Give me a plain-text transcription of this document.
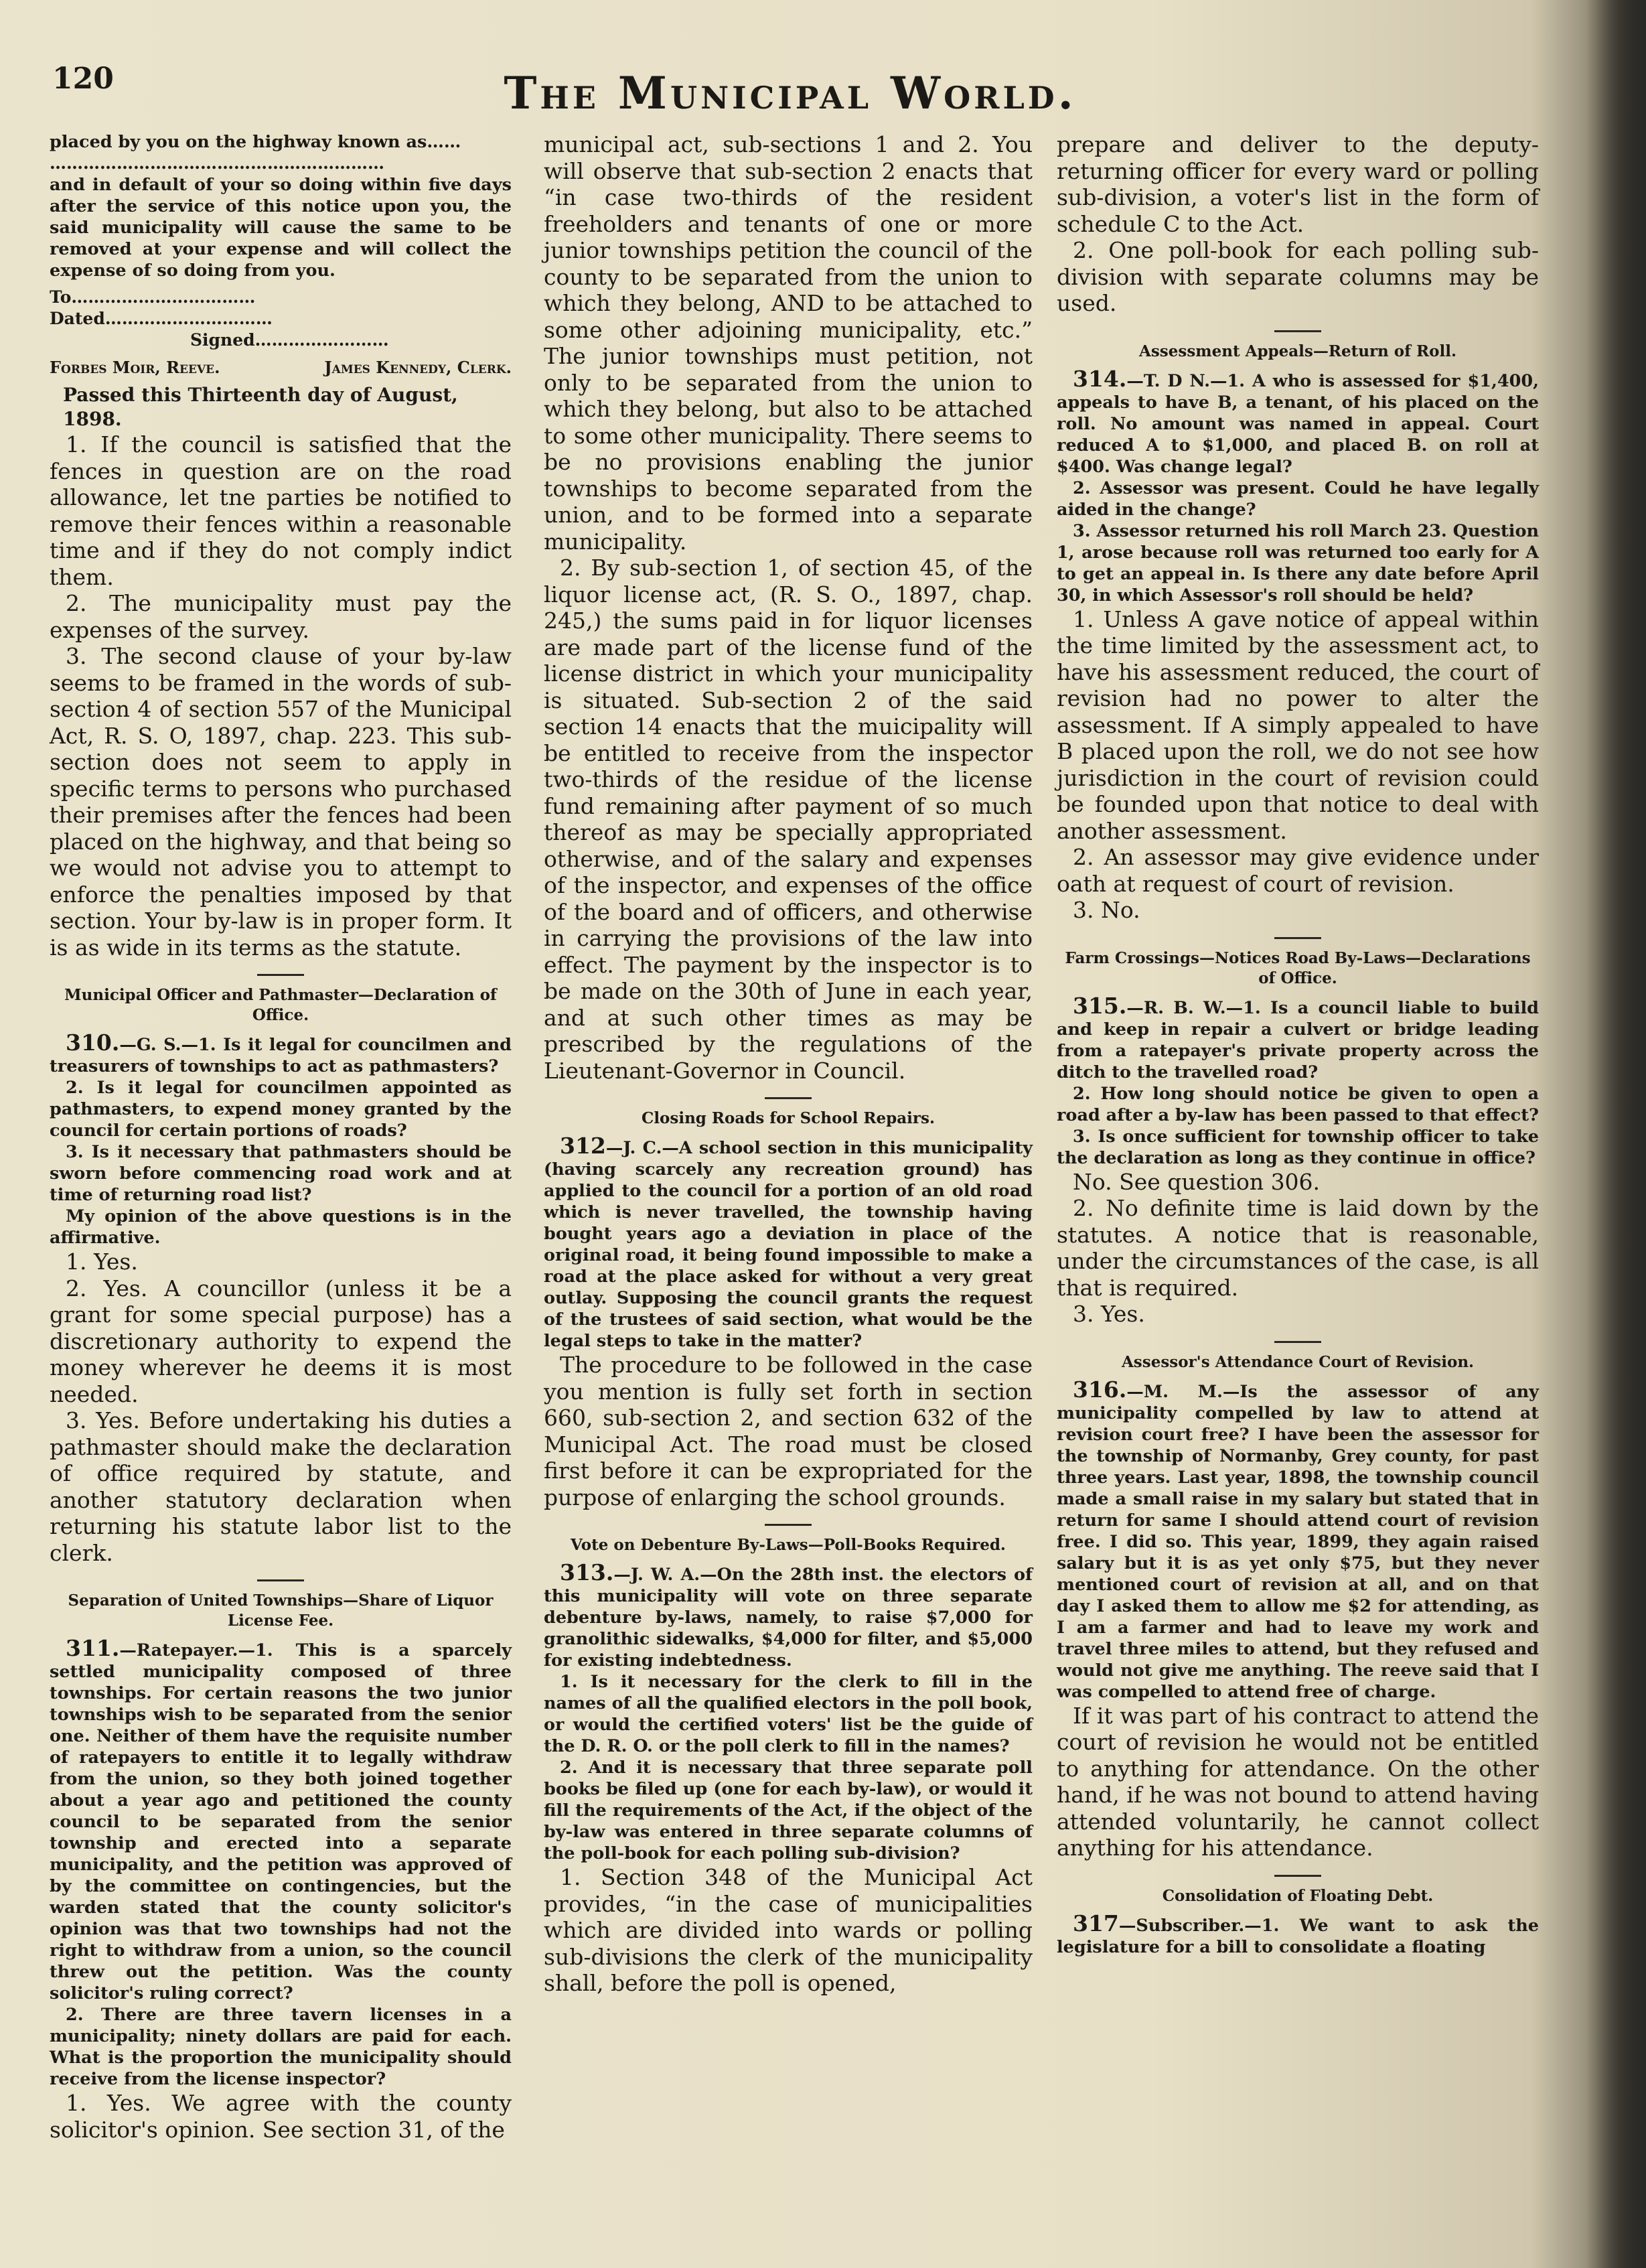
120	The Municipal World.

placed by you on the highway known as……

……………………………………………………

and in default of your so doing within five days after the service of this notice upon you, the said municipality will cause the same to be removed at your expense and will collect the expense of so doing from you.

To……………………………
Dated…………………………
Signed……………………
Forbes Moir, Reeve.	James Kennedy, Clerk.

Passed this Thirteenth day of August, 1898.

1. If the council is satisfied that the fences in question are on the road allowance, let tne parties be notified to remove their fences within a reasonable time and if they do not comply indict them.

2. The municipality must pay the expenses of the survey.

3. The second clause of your by-law seems to be framed in the words of sub-section 4 of section 557 of the Municipal Act, R. S. O, 1897, chap. 223. This sub-section does not seem to apply in specific terms to persons who purchased their premises after the fences had been placed on the highway, and that being so we would not advise you to attempt to enforce the penalties imposed by that section. Your by-law is in proper form. It is as wide in its terms as the statute.

Municipal Officer and Pathmaster—Declaration of Office.

310.—G. S.—1. Is it legal for councilmen and treasurers of townships to act as pathmasters?

2. Is it legal for councilmen appointed as pathmasters, to expend money granted by the council for certain portions of roads?

3. Is it necessary that pathmasters should be sworn before commencing road work and at time of returning road list?

My opinion of the above questions is in the affirmative.

1. Yes.

2. Yes. A councillor (unless it be a grant for some special purpose) has a discretionary authority to expend the money wherever he deems it is most needed.

3. Yes. Before undertaking his duties a pathmaster should make the declaration of office required by statute, and another statutory declaration when returning his statute labor list to the clerk.

Separation of United Townships—Share of Liquor License Fee.

311.—Ratepayer.—1. This is a sparcely settled municipality composed of three townships. For certain reasons the two junior townships wish to be separated from the senior one. Neither of them have the requisite number of ratepayers to entitle it to legally withdraw from the union, so they both joined together about a year ago and petitioned the county council to be separated from the senior township and erected into a separate municipality, and the petition was approved of by the committee on contingencies, but the warden stated that the county solicitor's opinion was that two townships had not the right to withdraw from a union, so the council threw out the petition. Was the county solicitor's ruling correct?

2. There are three tavern licenses in a municipality; ninety dollars are paid for each. What is the proportion the municipality should receive from the license inspector?

1. Yes. We agree with the county solicitor's opinion. See section 31, of the

municipal act, sub-sections 1 and 2. You will observe that sub-section 2 enacts that “in case two-thirds of the resident freeholders and tenants of one or more junior townships petition the council of the county to be separated from the union to which they belong, AND to be attached to some other adjoining municipality, etc.” The junior townships must petition, not only to be separated from the union to which they belong, but also to be attached to some other municipality. There seems to be no provisions enabling the junior townships to become separated from the union, and to be formed into a separate municipality.

2. By sub-section 1, of section 45, of the liquor license act, (R. S. O., 1897, chap. 245,) the sums paid in for liquor licenses are made part of the license fund of the license district in which your municipality is situated. Sub-section 2 of the said section 14 enacts that the muicipality will be entitled to receive from the inspector two-thirds of the residue of the license fund remaining after payment of so much thereof as may be specially appropriated otherwise, and of the salary and expenses of the inspector, and expenses of the office of the board and of officers, and otherwise in carrying the provisions of the law into effect. The payment by the inspector is to be made on the 30th of June in each year, and at such other times as may be prescribed by the regulations of the Lieutenant-Governor in Council.

Closing Roads for School Repairs.

312—J. C.—A school section in this municipality (having scarcely any recreation ground) has applied to the council for a portion of an old road which is never travelled, the township having bought years ago a deviation in place of the original road, it being found impossible to make a road at the place asked for without a very great outlay. Supposing the council grants the request of the trustees of said section, what would be the legal steps to take in the matter?

The procedure to be followed in the case you mention is fully set forth in section 660, sub-section 2, and section 632 of the Municipal Act. The road must be closed first before it can be expropriated for the purpose of enlarging the school grounds.

Vote on Debenture By-Laws—Poll-Books Required.

313.—J. W. A.—On the 28th inst. the electors of this municipality will vote on three separate debenture by-laws, namely, to raise $7,000 for granolithic sidewalks, $4,000 for filter, and $5,000 for existing indebtedness.

1. Is it necessary for the clerk to fill in the names of all the qualified electors in the poll book, or would the certified voters' list be the guide of the D. R. O. or the poll clerk to fill in the names?

2. And it is necessary that three separate poll books be filed up (one for each by-law), or would it fill the requirements of the Act, if the object of the by-law was entered in three separate columns of the poll-book for each polling sub-division?

1. Section 348 of the Municipal Act provides, “in the case of municipalities which are divided into wards or polling sub-divisions the clerk of the municipality shall, before the poll is opened,

prepare and deliver to the deputy-returning officer for every ward or polling sub-division, a voter's list in the form of schedule C to the Act.

2. One poll-book for each polling sub-division with separate columns may be used.

Assessment Appeals—Return of Roll.

314.—T. D N.—1. A who is assessed for $1,400, appeals to have B, a tenant, of his placed on the roll. No amount was named in appeal. Court reduced A to $1,000, and placed B. on roll at $400. Was change legal?

2. Assessor was present. Could he have legally aided in the change?

3. Assessor returned his roll March 23. Question 1, arose because roll was returned too early for A to get an appeal in. Is there any date before April 30, in which Assessor's roll should be held?

1. Unless A gave notice of appeal within the time limited by the assessment act, to have his assessment reduced, the court of revision had no power to alter the assessment. If A simply appealed to have B placed upon the roll, we do not see how jurisdiction in the court of revision could be founded upon that notice to deal with another assessment.

2. An assessor may give evidence under oath at request of court of revision.

3. No.

Farm Crossings—Notices Road By-Laws—Declarations of Office.

315.—R. B. W.—1. Is a council liable to build and keep in repair a culvert or bridge leading from a ratepayer's private property across the ditch to the travelled road?

2. How long should notice be given to open a road after a by-law has been passed to that effect?

3. Is once sufficient for township officer to take the declaration as long as they continue in office?

No. See question 306.

2. No definite time is laid down by the statutes. A notice that is reasonable, under the circumstances of the case, is all that is required.

3. Yes.

Assessor's Attendance Court of Revision.

316.—M. M.—Is the assessor of any municipality compelled by law to attend at revision court free? I have been the assessor for the township of Normanby, Grey county, for past three years. Last year, 1898, the township council made a small raise in my salary but stated that in return for same I should attend court of revision free. I did so. This year, 1899, they again raised salary but it is as yet only $75, but they never mentioned court of revision at all, and on that day I asked them to allow me $2 for attending, as I am a farmer and had to leave my work and travel three miles to attend, but they refused and would not give me anything. The reeve said that I was compelled to attend free of charge.

If it was part of his contract to attend the court of revision he would not be entitled to anything for attendance. On the other hand, if he was not bound to attend having attended voluntarily, he cannot collect anything for his attendance.

Consolidation of Floating Debt.

317—Subscriber.—1. We want to ask the legislature for a bill to consolidate a floating
